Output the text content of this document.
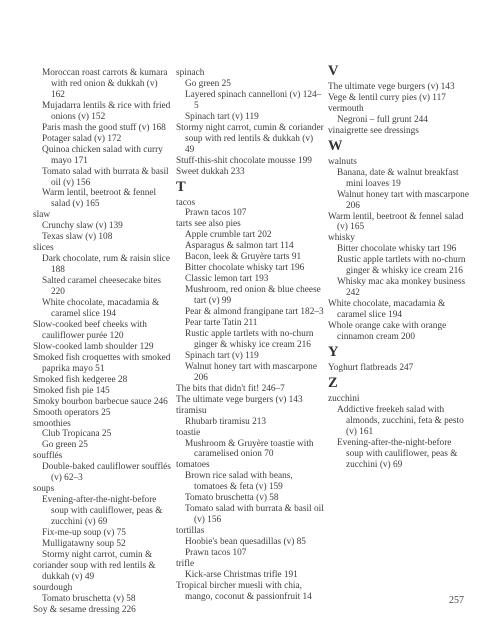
Moroccan roast carrots & kumara with red onion & dukkah (v) 162
Mujadarra lentils & rice with fried onions (v) 152
Paris mash the good stuff (v) 168
Potager salad (v) 172
Quinoa chicken salad with curry mayo 171
Tomato salad with burrata & basil oil (v) 156
Warm lentil, beetroot & fennel salad (v) 165
slaw
Crunchy slaw (v) 139
Texas slaw (v) 108
slices
Dark chocolate, rum & raisin slice 188
Salted caramel cheesecake bites 220
White chocolate, macadamia & caramel slice 194
Slow-cooked beef cheeks with cauliflower purée 120
Slow-cooked lamb shoulder 129
Smoked fish croquettes with smoked paprika mayo 51
Smoked fish kedgeree 28
Smoked fish pie 145
Smoky bourbon barbecue sauce 246
Smooth operators 25
smoothies
Club Tropicana 25
Go green 25
soufflés
Double-baked cauliflower soufflés (v) 62–3
soups
Evening-after-the-night-before soup with cauliflower, peas & zucchini (v) 69
Fix-me-up soup (v) 75
Mulligatawny soup 52
Stormy night carrot, cumin &
coriander soup with red lentils & dukkah (v) 49
sourdough
Tomato bruschetta (v) 58
Soy & sesame dressing 226
spinach
Go green 25
Layered spinach cannelloni (v) 124–5
Spinach tart (v) 119
Stormy night carrot, cumin & coriander soup with red lentils & dukkah (v) 49
Stuff-this-shit chocolate mousse 199
Sweet dukkah 233
T
tacos
Prawn tacos 107
tarts see also pies
Apple crumble tart 202
Asparagus & salmon tart 114
Bacon, leek & Gruyère tarts 91
Bitter chocolate whisky tart 196
Classic lemon tart 193
Mushroom, red onion & blue cheese tart (v) 99
Pear & almond frangipane tart 182–3
Pear tarte Tatin 211
Rustic apple tartlets with no-churn ginger & whisky ice cream 216
Spinach tart (v) 119
Walnut honey tart with mascarpone 206
The bits that didn't fit! 246–7
The ultimate vege burgers (v) 143
tiramisu
Rhubarb tiramisu 213
toastie
Mushroom & Gruyère toastie with caramelised onion 70
tomatoes
Brown rice salad with beans, tomatoes & feta (v) 159
Tomato bruschetta (v) 58
Tomato salad with burrata & basil oil (v) 156
tortillas
Hoobie's bean quesadillas (v) 85
Prawn tacos 107
trifle
Kick-arse Christmas trifle 191
Tropical bircher muesli with chia, mango, coconut & passionfruit 14
V
The ultimate vege burgers (v) 143
Vege & lentil curry pies (v) 117
vermouth
Negroni – full grunt 244
vinaigrette see dressings
W
walnuts
Banana, date & walnut breakfast mini loaves 19
Walnut honey tart with mascarpone 206
Warm lentil, beetroot & fennel salad (v) 165
whisky
Bitter chocolate whisky tart 196
Rustic apple tartlets with no-churn ginger & whisky ice cream 216
Whisky mac aka monkey business 242
White chocolate, macadamia & caramel slice 194
Whole orange cake with orange cinnamon cream 200
Y
Yoghurt flatbreads 247
Z
zucchini
Addictive freekeh salad with almonds, zucchini, feta & pesto (v) 161
Evening-after-the-night-before soup with cauliflower, peas & zucchini (v) 69
257
